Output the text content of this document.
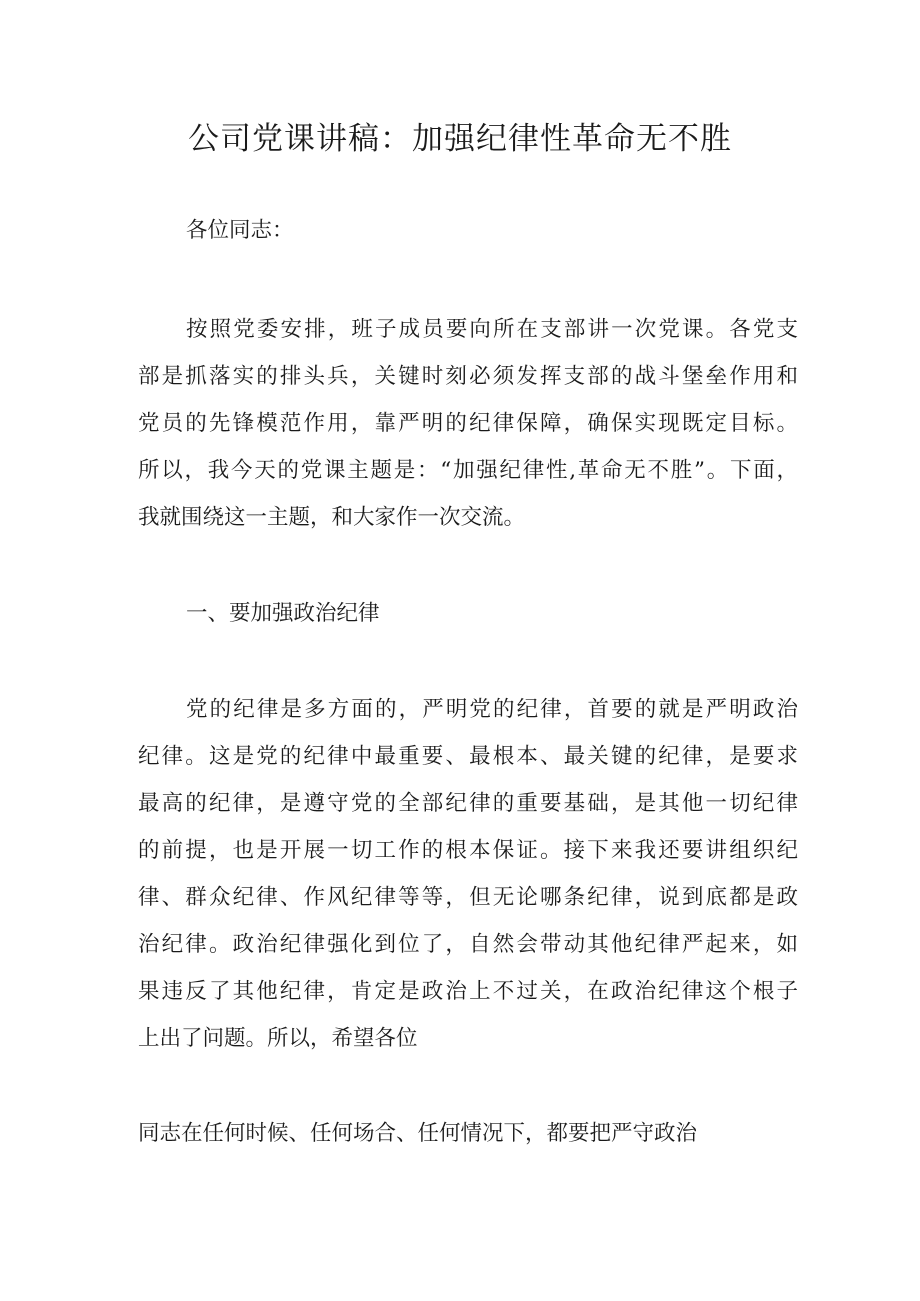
公司党课讲稿：加强纪律性革命无不胜

各位同志：

按照党委安排，班子成员要向所在支部讲一次党课。各党支

部是抓落实的排头兵，关键时刻必须发挥支部的战斗堡垒作用和

党员的先锋模范作用，靠严明的纪律保障，确保实现既定目标。

所以，我今天的党课主题是：“加强纪律性,革命无不胜”。下面，

我就围绕这一主题，和大家作一次交流。

一、要加强政治纪律

党的纪律是多方面的，严明党的纪律，首要的就是严明政治

纪律。这是党的纪律中最重要、最根本、最关键的纪律，是要求

最高的纪律，是遵守党的全部纪律的重要基础，是其他一切纪律

的前提，也是开展一切工作的根本保证。接下来我还要讲组织纪

律、群众纪律、作风纪律等等，但无论哪条纪律，说到底都是政

治纪律。政治纪律强化到位了，自然会带动其他纪律严起来，如

果违反了其他纪律，肯定是政治上不过关，在政治纪律这个根子

上出了问题。所以，希望各位

同志在任何时候、任何场合、任何情况下，都要把严守政治
